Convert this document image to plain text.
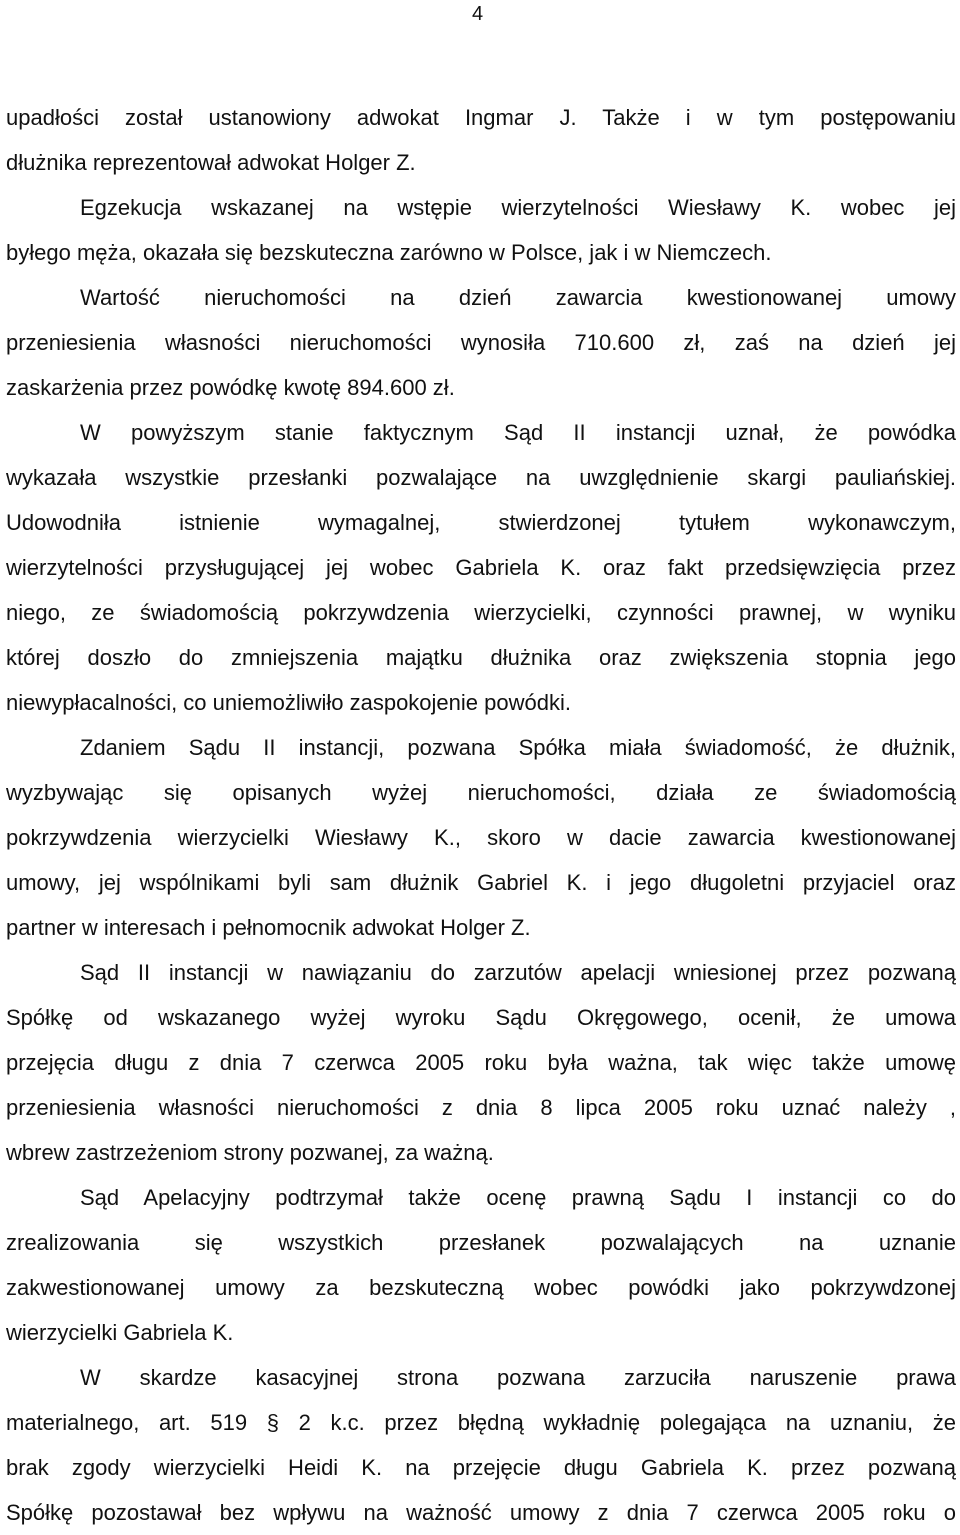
4
upadłości został ustanowiony adwokat Ingmar J. Także i w tym postępowaniu
dłużnika reprezentował adwokat Holger Z.
Egzekucja wskazanej na wstępie wierzytelności Wiesławy K. wobec jej
byłego męża, okazała się bezskuteczna zarówno w Polsce, jak i w Niemczech.
Wartość nieruchomości na dzień zawarcia kwestionowanej umowy
przeniesienia własności nieruchomości wynosiła 710.600 zł, zaś na dzień jej
zaskarżenia przez powódkę kwotę 894.600 zł.
W powyższym stanie faktycznym Sąd II instancji uznał, że powódka
wykazała wszystkie przesłanki pozwalające na uwzględnienie skargi pauliańskiej.
Udowodniła istnienie wymagalnej, stwierdzonej tytułem wykonawczym,
wierzytelności przysługującej jej wobec Gabriela K. oraz fakt przedsięwzięcia przez
niego, ze świadomością pokrzywdzenia wierzycielki, czynności prawnej, w wyniku
której doszło do zmniejszenia majątku dłużnika oraz zwiększenia stopnia jego
niewypłacalności, co uniemożliwiło zaspokojenie powódki.
Zdaniem Sądu II instancji, pozwana Spółka miała świadomość, że dłużnik,
wyzbywając się opisanych wyżej nieruchomości, działa ze świadomością
pokrzywdzenia wierzycielki Wiesławy K., skoro w dacie zawarcia kwestionowanej
umowy, jej wspólnikami byli sam dłużnik Gabriel K. i jego długoletni przyjaciel oraz
partner w interesach i pełnomocnik adwokat Holger Z.
Sąd II instancji w nawiązaniu do zarzutów apelacji wniesionej przez pozwaną
Spółkę od wskazanego wyżej wyroku Sądu Okręgowego, ocenił, że umowa
przejęcia długu z dnia 7 czerwca 2005 roku była ważna, tak więc także umowę
przeniesienia własności nieruchomości z dnia 8 lipca 2005 roku uznać należy ,
wbrew zastrzeżeniom strony pozwanej, za ważną.
Sąd Apelacyjny podtrzymał także ocenę prawną Sądu I instancji co do
zrealizowania się wszystkich przesłanek pozwalających na uznanie
zakwestionowanej umowy za bezskuteczną wobec powódki jako pokrzywdzonej
wierzycielki Gabriela K.
W skardze kasacyjnej strona pozwana zarzuciła naruszenie prawa
materialnego, art. 519 § 2 k.c. przez błędną wykładnię polegająca na uznaniu, że
brak zgody wierzycielki Heidi K. na przejęcie długu Gabriela K. przez pozwaną
Spółkę pozostawał bez wpływu na ważność umowy z dnia 7 czerwca 2005 roku o
